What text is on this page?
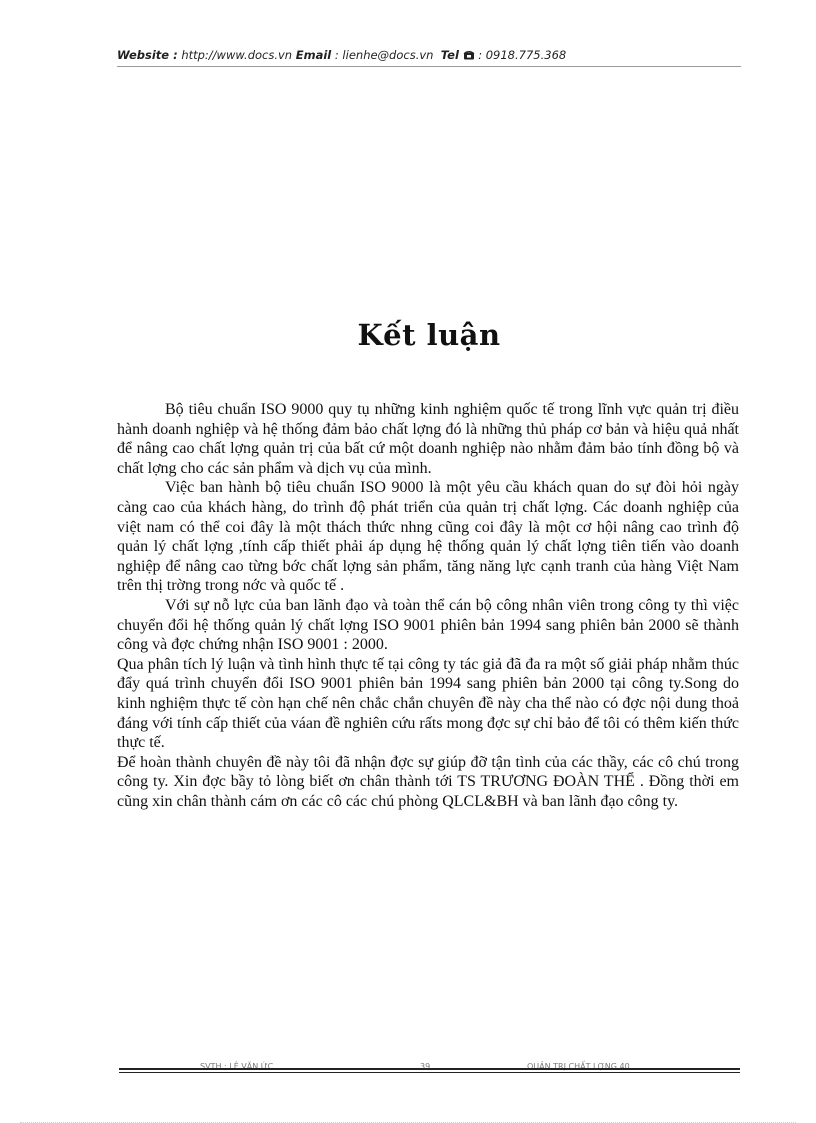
Website : http://www.docs.vn Email : lienhe@docs.vn Tel : 0918.775.368
Kết luận

Bộ tiêu chuẩn ISO 9000 quy tụ những kinh nghiệm quốc tế trong lĩnh vực quản trị điều hành doanh nghiệp và hệ thống đảm bảo chất lợng đó là những thủ pháp cơ bản và hiệu quả nhất để nâng cao chất lợng quản trị của bất cứ một doanh nghiệp nào nhằm đảm bảo tính đồng bộ và chất lợng cho các sản phẩm và dịch vụ của mình.

Việc ban hành bộ tiêu chuẩn ISO 9000 là một yêu cầu khách quan do sự đòi hỏi ngày càng cao của khách hàng, do trình độ phát triển của quản trị chất lợng. Các doanh nghiệp của việt nam có thể coi đây là một thách thức nhng cũng coi đây là một cơ hội nâng cao trình độ quản lý chất lợng ,tính cấp thiết phải áp dụng hệ thống quản lý chất lợng tiên tiến vào doanh nghiệp để nâng cao từng bớc chất lợng sản phẩm, tăng năng lực cạnh tranh của hàng Việt Nam trên thị trờng trong nớc và quốc tế .

Với sự nỗ lực của ban lãnh đạo và toàn thể cán bộ công nhân viên trong công ty thì việc chuyển đổi hệ thống quản lý chất lợng ISO 9001 phiên bản 1994 sang phiên bản 2000 sẽ thành công và đợc chứng nhận ISO 9001 : 2000.

Qua phân tích lý luận và tình hình thực tế tại công ty tác giả đã đa ra một số giải pháp nhằm thúc đẩy quá trình chuyển đổi ISO 9001 phiên bản 1994 sang phiên bản 2000 tại công ty.Song do kinh nghiệm thực tế còn hạn chế nên chắc chắn chuyên đề này cha thể nào có đợc nội dung thoả đáng với tính cấp thiết của váan đề nghiên cứu rấts mong đợc sự chỉ bảo để tôi có thêm kiến thức thực tế.

Để hoàn thành chuyên đề này tôi đã nhận đợc sự giúp đỡ tận tình của các thầy, các cô chú trong công ty. Xin đợc bầy tỏ lòng biết ơn chân thành tới TS TRƯƠNG ĐOÀN THỂ . Đồng thời em cũng xin chân thành cám ơn các cô các chú phòng QLCL&BH và ban lãnh đạo công ty.

SVTH : LÊ VĂN ỨC	39	QUẢN TRỊ CHẤT LỢNG 40
